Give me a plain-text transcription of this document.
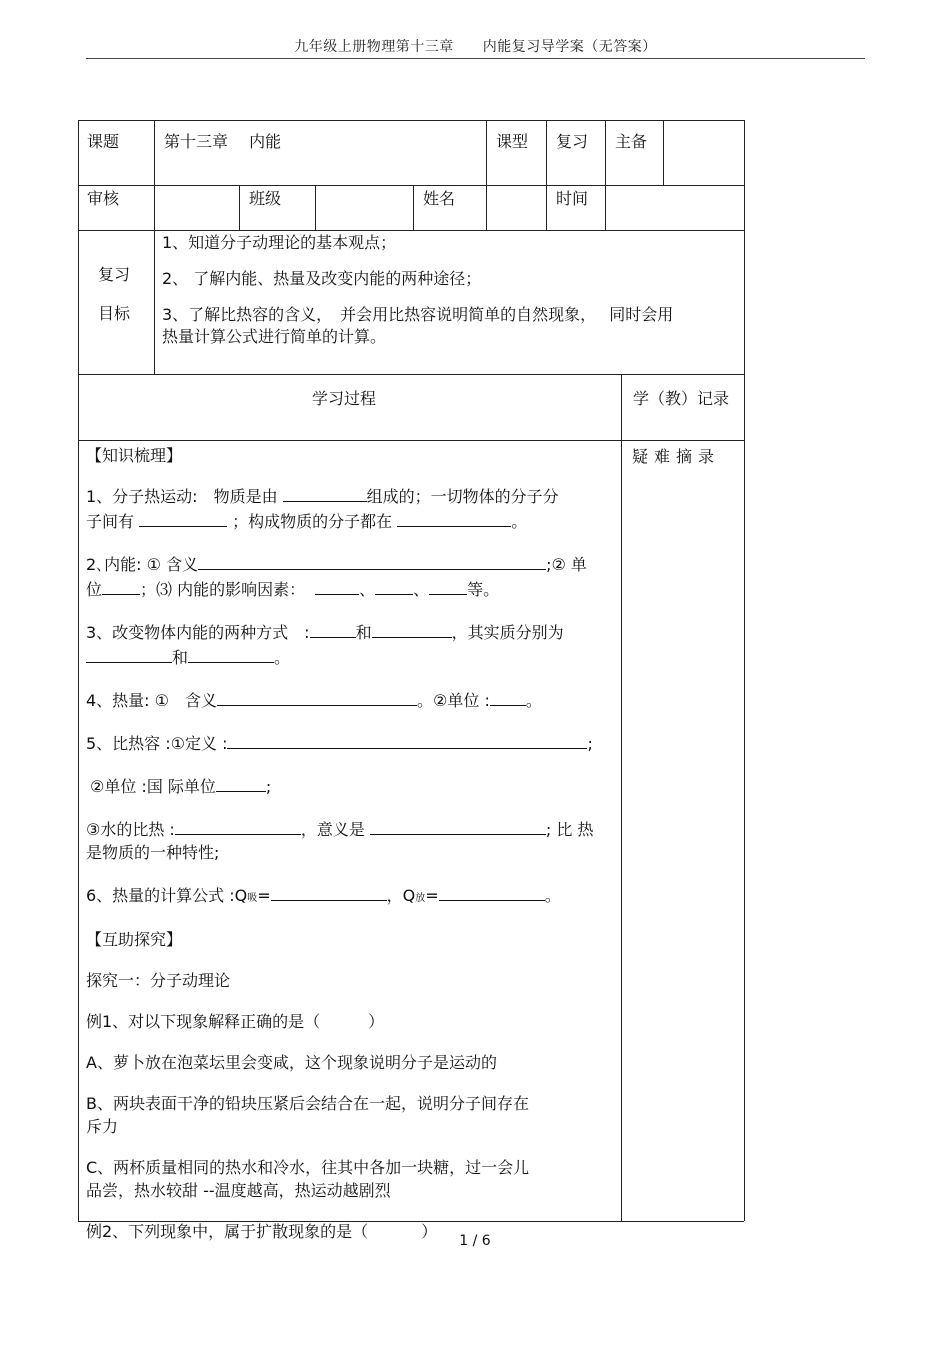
九年级上册物理第十三章　　内能复习导学案（无答案）
课题	第十三章　 内能	课型 复习 主备
审核	班级	姓名	时间
复习
目标
1、知道分子动理论的基本观点；
2、 了解内能、热量及改变内能的两种途径；
3、了解比热容的含义，　并会用比热容说明简单的自然现象，　 同时会用
热量计算公式进行简单的计算。
学习过程	学（教）记录
疑难摘录
【知识梳理】
1、分子热运动:　物质是由	组成的；一切物体的分子分
子间有	；构成物质的分子都在	。
2､内能: ① 含义	;② 单
位 ；⑶ 内能的影响因素：	、 、 等。
3、改变物体内能的两种方式　:	和	，其实质分别为
和	。
4、热量: ①　含义	。②单位 : 。
5、比热容 :①定义 :	;
②单位 :国 际单位	;
③水的比热 :	，意义是	; 比 热
是物质的一种特性;
6、热量的计算公式 :Q吸=	，Q放=	。
【互助探究】
探究一：分子动理论
例1、对以下现象解释正确的是（　　　）
A、萝卜放在泡菜坛里会变咸，这个现象说明分子是运动的
B、两块表面干净的铅块压紧后会结合在一起，说明分子间存在
斥力
C、两杯质量相同的热水和冷水，往其中各加一块糖，过一会儿
品尝，热水较甜 --温度越高，热运动越剧烈
例2、下列现象中，属于扩散现象的是（　　　 ）	1 / 6
